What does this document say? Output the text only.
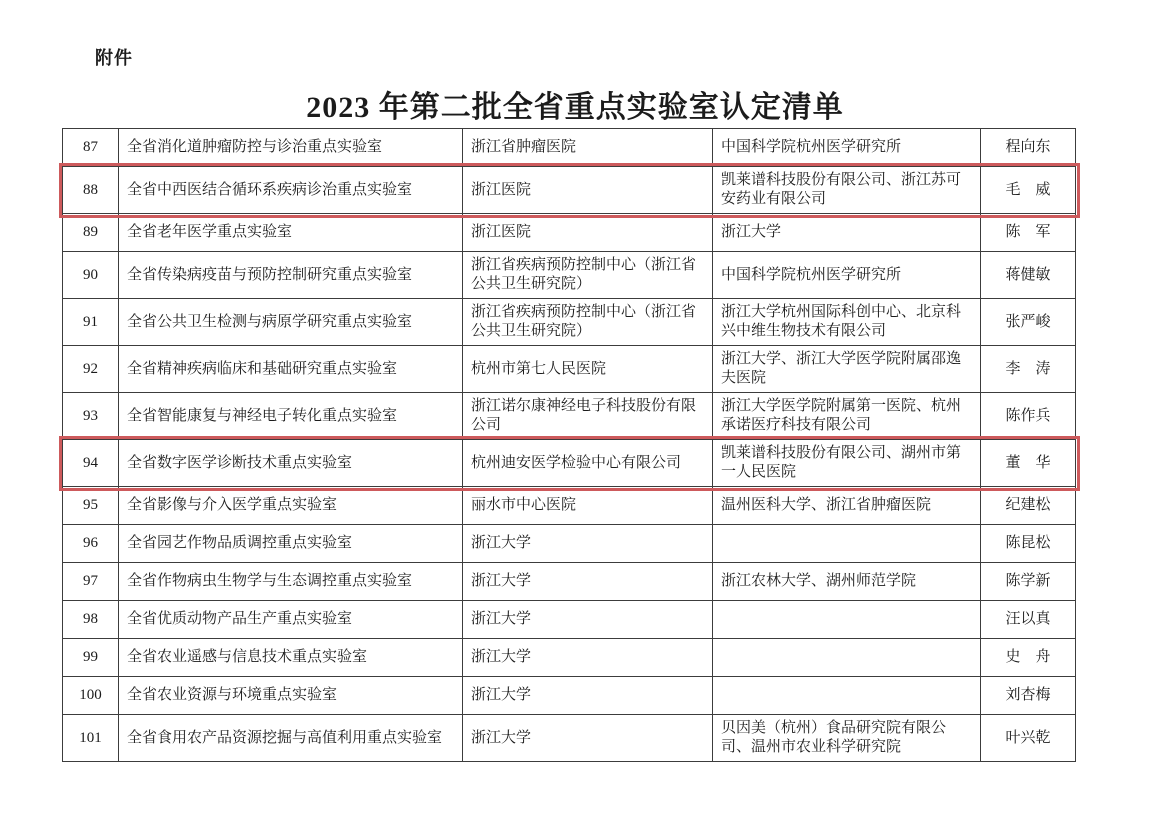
附件
2023 年第二批全省重点实验室认定清单
87	全省消化道肿瘤防控与诊治重点实验室	浙江省肿瘤医院	中国科学院杭州医学研究所	程向东
88	全省中西医结合循环系疾病诊治重点实验室	浙江医院	凯莱谱科技股份有限公司、浙江苏可安药业有限公司	毛　威
89	全省老年医学重点实验室	浙江医院	浙江大学	陈　军
90	全省传染病疫苗与预防控制研究重点实验室	浙江省疾病预防控制中心（浙江省公共卫生研究院）	中国科学院杭州医学研究所	蒋健敏
91	全省公共卫生检测与病原学研究重点实验室	浙江省疾病预防控制中心（浙江省公共卫生研究院）	浙江大学杭州国际科创中心、北京科兴中维生物技术有限公司	张严峻
92	全省精神疾病临床和基础研究重点实验室	杭州市第七人民医院	浙江大学、浙江大学医学院附属邵逸夫医院	李　涛
93	全省智能康复与神经电子转化重点实验室	浙江诺尔康神经电子科技股份有限公司	浙江大学医学院附属第一医院、杭州承诺医疗科技有限公司	陈作兵
94	全省数字医学诊断技术重点实验室	杭州迪安医学检验中心有限公司	凯莱谱科技股份有限公司、湖州市第一人民医院	董　华
95	全省影像与介入医学重点实验室	丽水市中心医院	温州医科大学、浙江省肿瘤医院	纪建松
96	全省园艺作物品质调控重点实验室	浙江大学		陈昆松
97	全省作物病虫生物学与生态调控重点实验室	浙江大学	浙江农林大学、湖州师范学院	陈学新
98	全省优质动物产品生产重点实验室	浙江大学		汪以真
99	全省农业遥感与信息技术重点实验室	浙江大学		史　舟
100	全省农业资源与环境重点实验室	浙江大学		刘杏梅
101	全省食用农产品资源挖掘与高值利用重点实验室	浙江大学	贝因美（杭州）食品研究院有限公司、温州市农业科学研究院	叶兴乾
